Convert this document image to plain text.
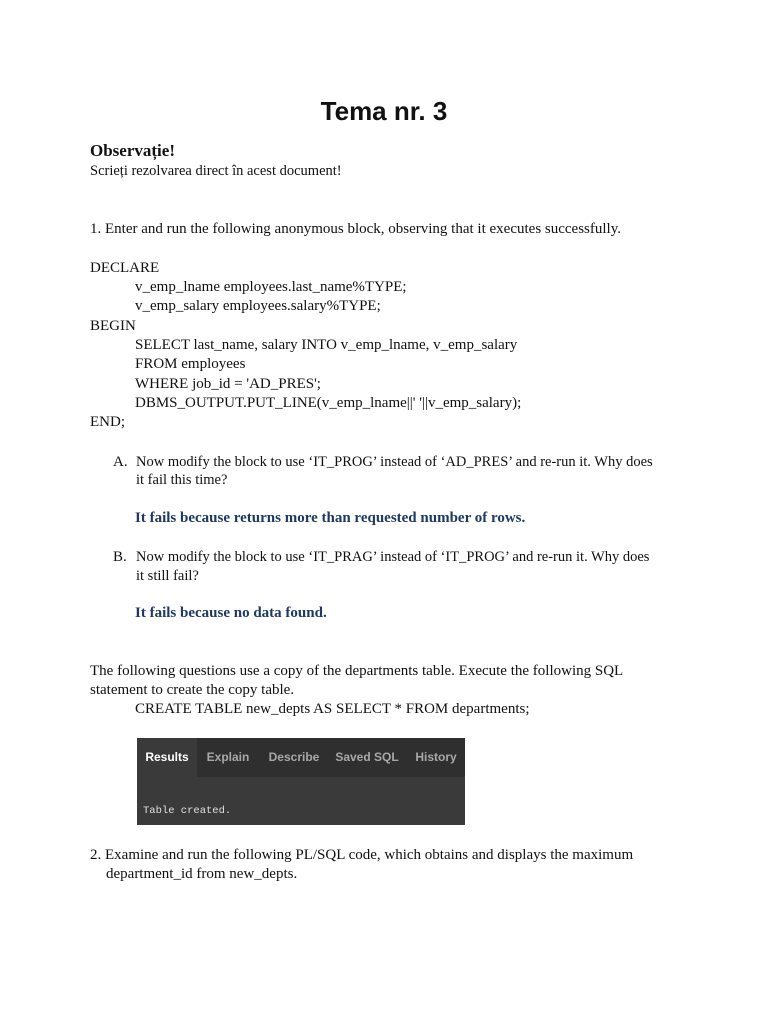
Tema nr. 3
Observație!
Scrieți rezolvarea direct în acest document!
1. Enter and run the following anonymous block, observing that it executes successfully.
DECLARE
v_emp_lname employees.last_name%TYPE;
v_emp_salary employees.salary%TYPE;
BEGIN
SELECT last_name, salary INTO v_emp_lname, v_emp_salary
FROM employees
WHERE job_id = 'AD_PRES';
DBMS_OUTPUT.PUT_LINE(v_emp_lname||' '||v_emp_salary);
END;
A. Now modify the block to use ‘IT_PROG’ instead of ‘AD_PRES’ and re-run it. Why does
it fail this time?
It fails because returns more than requested number of rows.
B. Now modify the block to use ‘IT_PRAG’ instead of ‘IT_PROG’ and re-run it. Why does
it still fail?
It fails because no data found.
The following questions use a copy of the departments table. Execute the following SQL
statement to create the copy table.
CREATE TABLE new_depts AS SELECT * FROM departments;
Results	Explain	Describe	Saved SQL	History
Table created.
2. Examine and run the following PL/SQL code, which obtains and displays the maximum
department_id from new_depts.
